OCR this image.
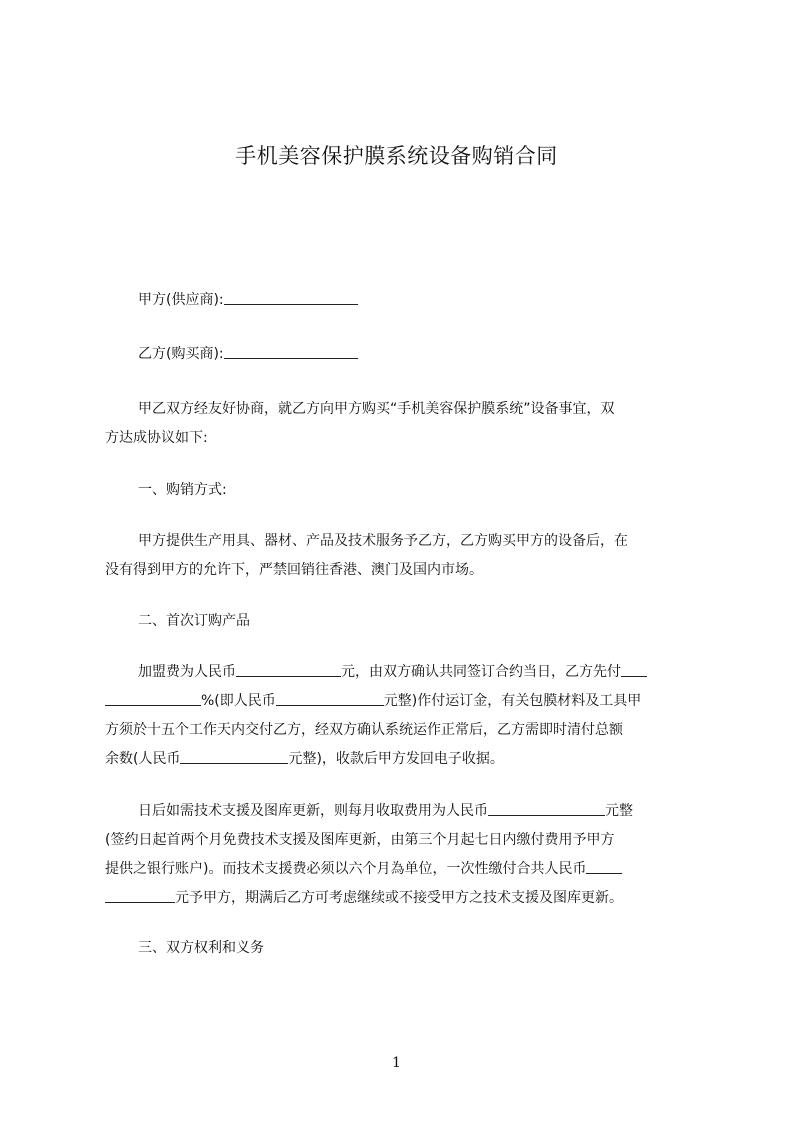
手机美容保护膜系统设备购销合同
甲方(供应商):
乙方(购买商):
甲乙双方经友好协商，就乙方向甲方购买“手机美容保护膜系统”设备事宜，双
方达成协议如下:
一、购销方式:
甲方提供生产用具、器材、产品及技术服务予乙方，乙方购买甲方的设备后，在
没有得到甲方的允许下，严禁回销往香港、澳门及国内市场。
二、首次订购产品
加盟费为人民币	元，由双方确认共同签订合约当日，乙方先付
%(即人民币	元整)作付运订金，有关包膜材料及工具甲
方须於十五个工作天内交付乙方，经双方确认系统运作正常后，乙方需即时清付总额
余数(人民币	元整)，收款后甲方发回电子收据。
日后如需技术支援及图库更新，则每月收取费用为人民币	元整
(签约日起首两个月免费技术支援及图库更新，由第三个月起七日内缴付费用予甲方
提供之银行账户)。而技术支援费必须以六个月為单位，一次性缴付合共人民币
元予甲方，期满后乙方可考虑继续或不接受甲方之技术支援及图库更新。
三、双方权利和义务
1
